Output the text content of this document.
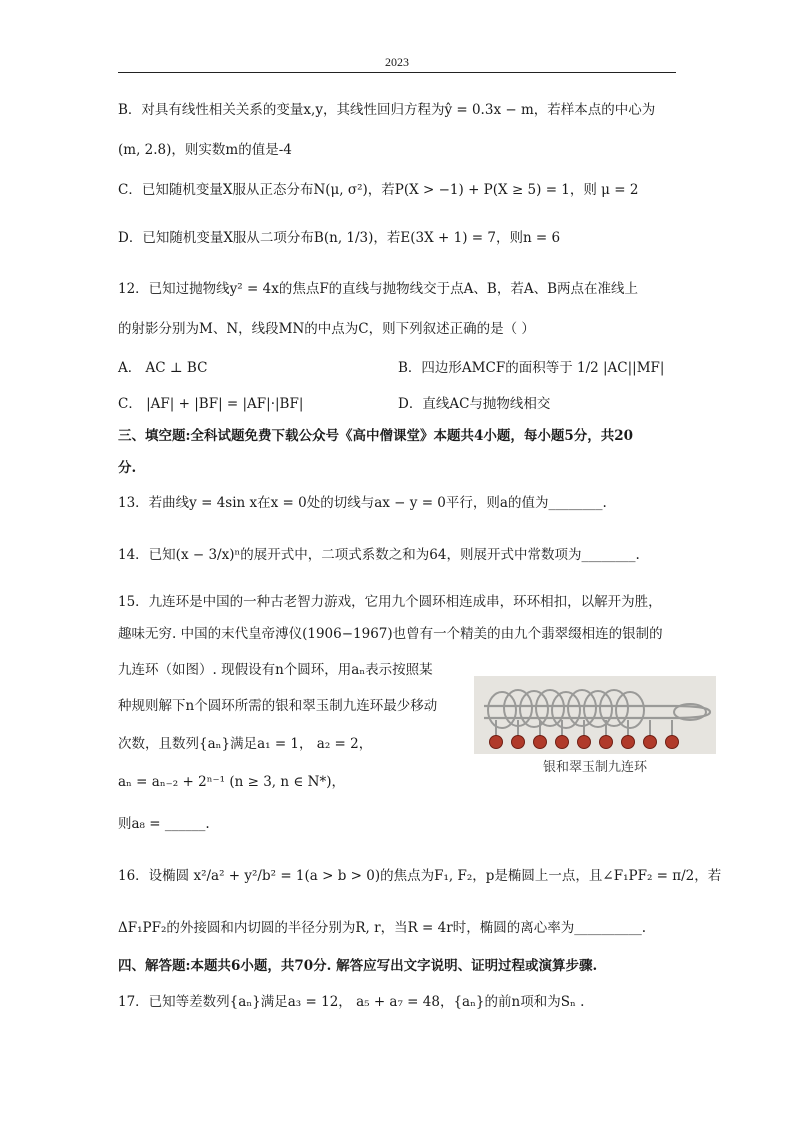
2023
B．对具有线性相关关系的变量x,y，其线性回归方程为ŷ = 0.3x − m，若样本点的中心为
(m, 2.8)，则实数m的值是-4
C．已知随机变量X服从正态分布N(μ, σ²)，若P(X > −1) + P(X ≥ 5) = 1，则 μ = 2
D．已知随机变量X服从二项分布B(n, 1/3)，若E(3X + 1) = 7，则n = 6
12．已知过抛物线y² = 4x的焦点F的直线与抛物线交于点A、B，若A、B两点在准线上
的射影分别为M、N，线段MN的中点为C，则下列叙述正确的是（ ）
A． AC ⊥ BC	B．四边形AMCF的面积等于 1/2 |AC||MF|
C． |AF| + |BF| = |AF|·|BF|	D．直线AC与抛物线相交
三、填空题:全科试题免费下载公众号《高中僧课堂》本题共4小题，每小题5分，共20
分.
13．若曲线y = 4sin x在x = 0处的切线与ax − y = 0平行，则a的值为________.
14．已知(x − 3/x)ⁿ的展开式中，二项式系数之和为64，则展开式中常数项为________.
15．九连环是中国的一种古老智力游戏，它用九个圆环相连成串，环环相扣，以解开为胜，
趣味无穷. 中国的末代皇帝溥仪(1906−1967)也曾有一个精美的由九个翡翠缀相连的银制的
九连环（如图）. 现假设有n个圆环，用aₙ表示按照某
种规则解下n个圆环所需的银和翠玉制九连环最少移动
次数，且数列{aₙ}满足a₁ = 1， a₂ = 2，
aₙ = aₙ₋₂ + 2ⁿ⁻¹ (n ≥ 3, n ∈ N*)，
则a₈ = ______.
16．设椭圆 x²/a² + y²/b² = 1(a > b > 0)的焦点为F₁, F₂，p是椭圆上一点，且∠F₁PF₂ = π/2，若
ΔF₁PF₂的外接圆和内切圆的半径分别为R, r，当R = 4r时，椭圆的离心率为__________.
四、解答题:本题共6小题，共70分. 解答应写出文字说明、证明过程或演算步骤.
17．已知等差数列{aₙ}满足a₃ = 12， a₅ + a₇ = 48，{aₙ}的前n项和为Sₙ .
银和翠玉制九连环
